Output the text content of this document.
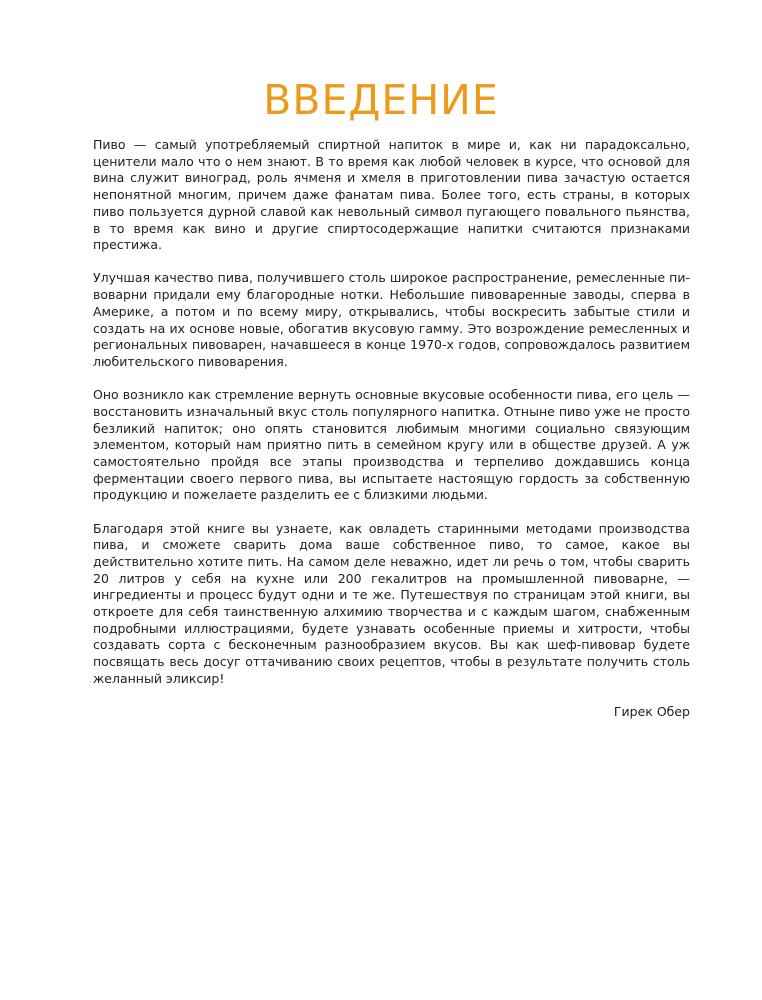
ВВЕДЕНИЕ

Пиво — самый употребляемый спиртной напиток в мире и, как ни парадоксально, ценители мало что о нем знают. В то время как любой человек в курсе, что основой для вина служит виноград, роль ячменя и хмеля в приготовлении пива зачастую остается непонятной многим, причем даже фанатам пива. Более того, есть страны, в которых пиво пользуется дурной славой как невольный символ пугающего повального пьянства, в то время как вино и другие спиртосодержащие напитки считаются признаками престижа.

Улучшая качество пива, получившего столь широкое распространение, ремесленные пивоварни придали ему благородные нотки. Небольшие пивоваренные заводы, сперва в Америке, а потом и по всему миру, открывались, чтобы воскресить забытые стили и создать на их основе новые, обогатив вкусовую гамму. Это возрождение ремесленных и региональных пивоварен, начавшееся в конце 1970-х годов, сопровождалось развитием любительского пивоварения.

Оно возникло как стремление вернуть основные вкусовые особенности пива, его цель — восстановить изначальный вкус столь популярного напитка. Отныне пиво уже не просто безликий напиток; оно опять становится любимым многими социально связующим элементом, который нам приятно пить в семейном кругу или в обществе друзей. А уж самостоятельно пройдя все этапы производства и терпеливо дождавшись конца ферментации своего первого пива, вы испытаете настоящую гордость за собственную продукцию и пожелаете разделить ее с близкими людьми.

Благодаря этой книге вы узнаете, как овладеть старинными методами производства пива, и сможете сварить дома ваше собственное пиво, то самое, какое вы действительно хотите пить. На самом деле неважно, идет ли речь о том, чтобы сварить 20 литров у себя на кухне или 200 гекалитров на промышленной пивоварне, — ингредиенты и процесс будут одни и те же. Путешествуя по страницам этой книги, вы откроете для себя таинственную алхимию творчества и с каждым шагом, снабженным подробными иллюстрациями, будете узнавать особенные приемы и хитрости, чтобы создавать сорта с бесконечным разнообразием вкусов. Вы как шеф-пивовар будете посвящать весь досуг оттачиванию своих рецептов, чтобы в результате получить столь желанный эликсир!

Гирек Обер
